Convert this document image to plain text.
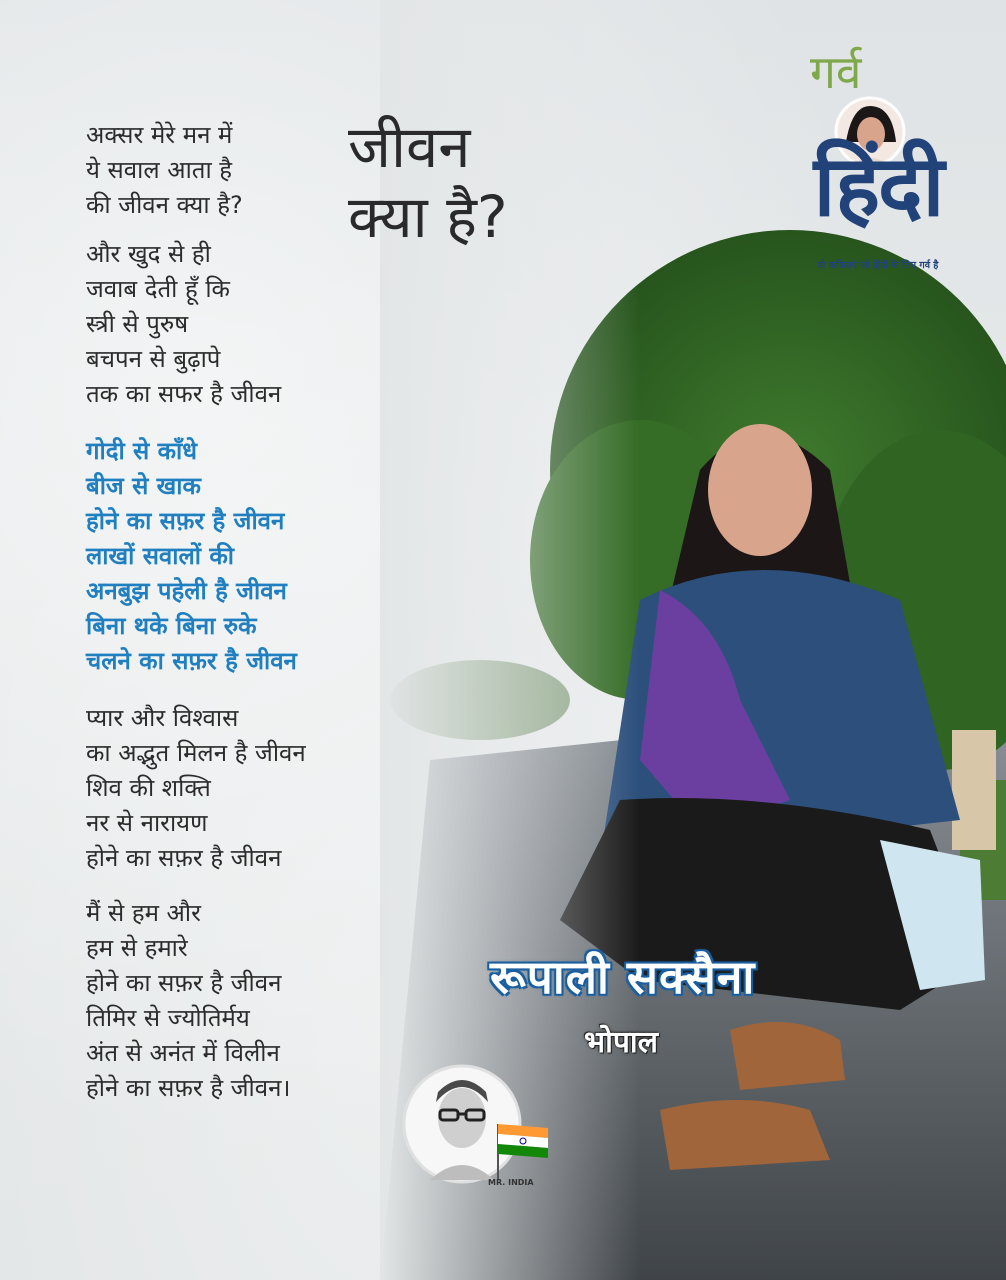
जीवन
क्या है?
अक्सर मेरे मन में
ये सवाल आता है
की जीवन क्या है?
और खुद से ही
जवाब देती हूँ कि
स्त्री से पुरुष
बचपन से बुढ़ापे
तक का सफर है जीवन
गोदी से काँधे
बीज से खाक
होने का सफ़र है जीवन
लाखों सवालों की
अनबुझ पहेली है जीवन
बिना थके बिना रुके
चलने का सफ़र है जीवन
प्यार और विश्वास
का अद्भुत मिलन है जीवन
शिव की शक्ति
नर से नारायण
होने का सफ़र है जीवन
मैं से हम और
हम से हमारे
होने का सफ़र है जीवन
तिमिर से ज्योतिर्मय
अंत से अनंत में विलीन
होने का सफ़र है जीवन।
गर्व
हिंदी
वो कविताएं जो हिंदी के लिए गर्व है
रूपाली सक्सैना
भोपाल
MR. INDIA
